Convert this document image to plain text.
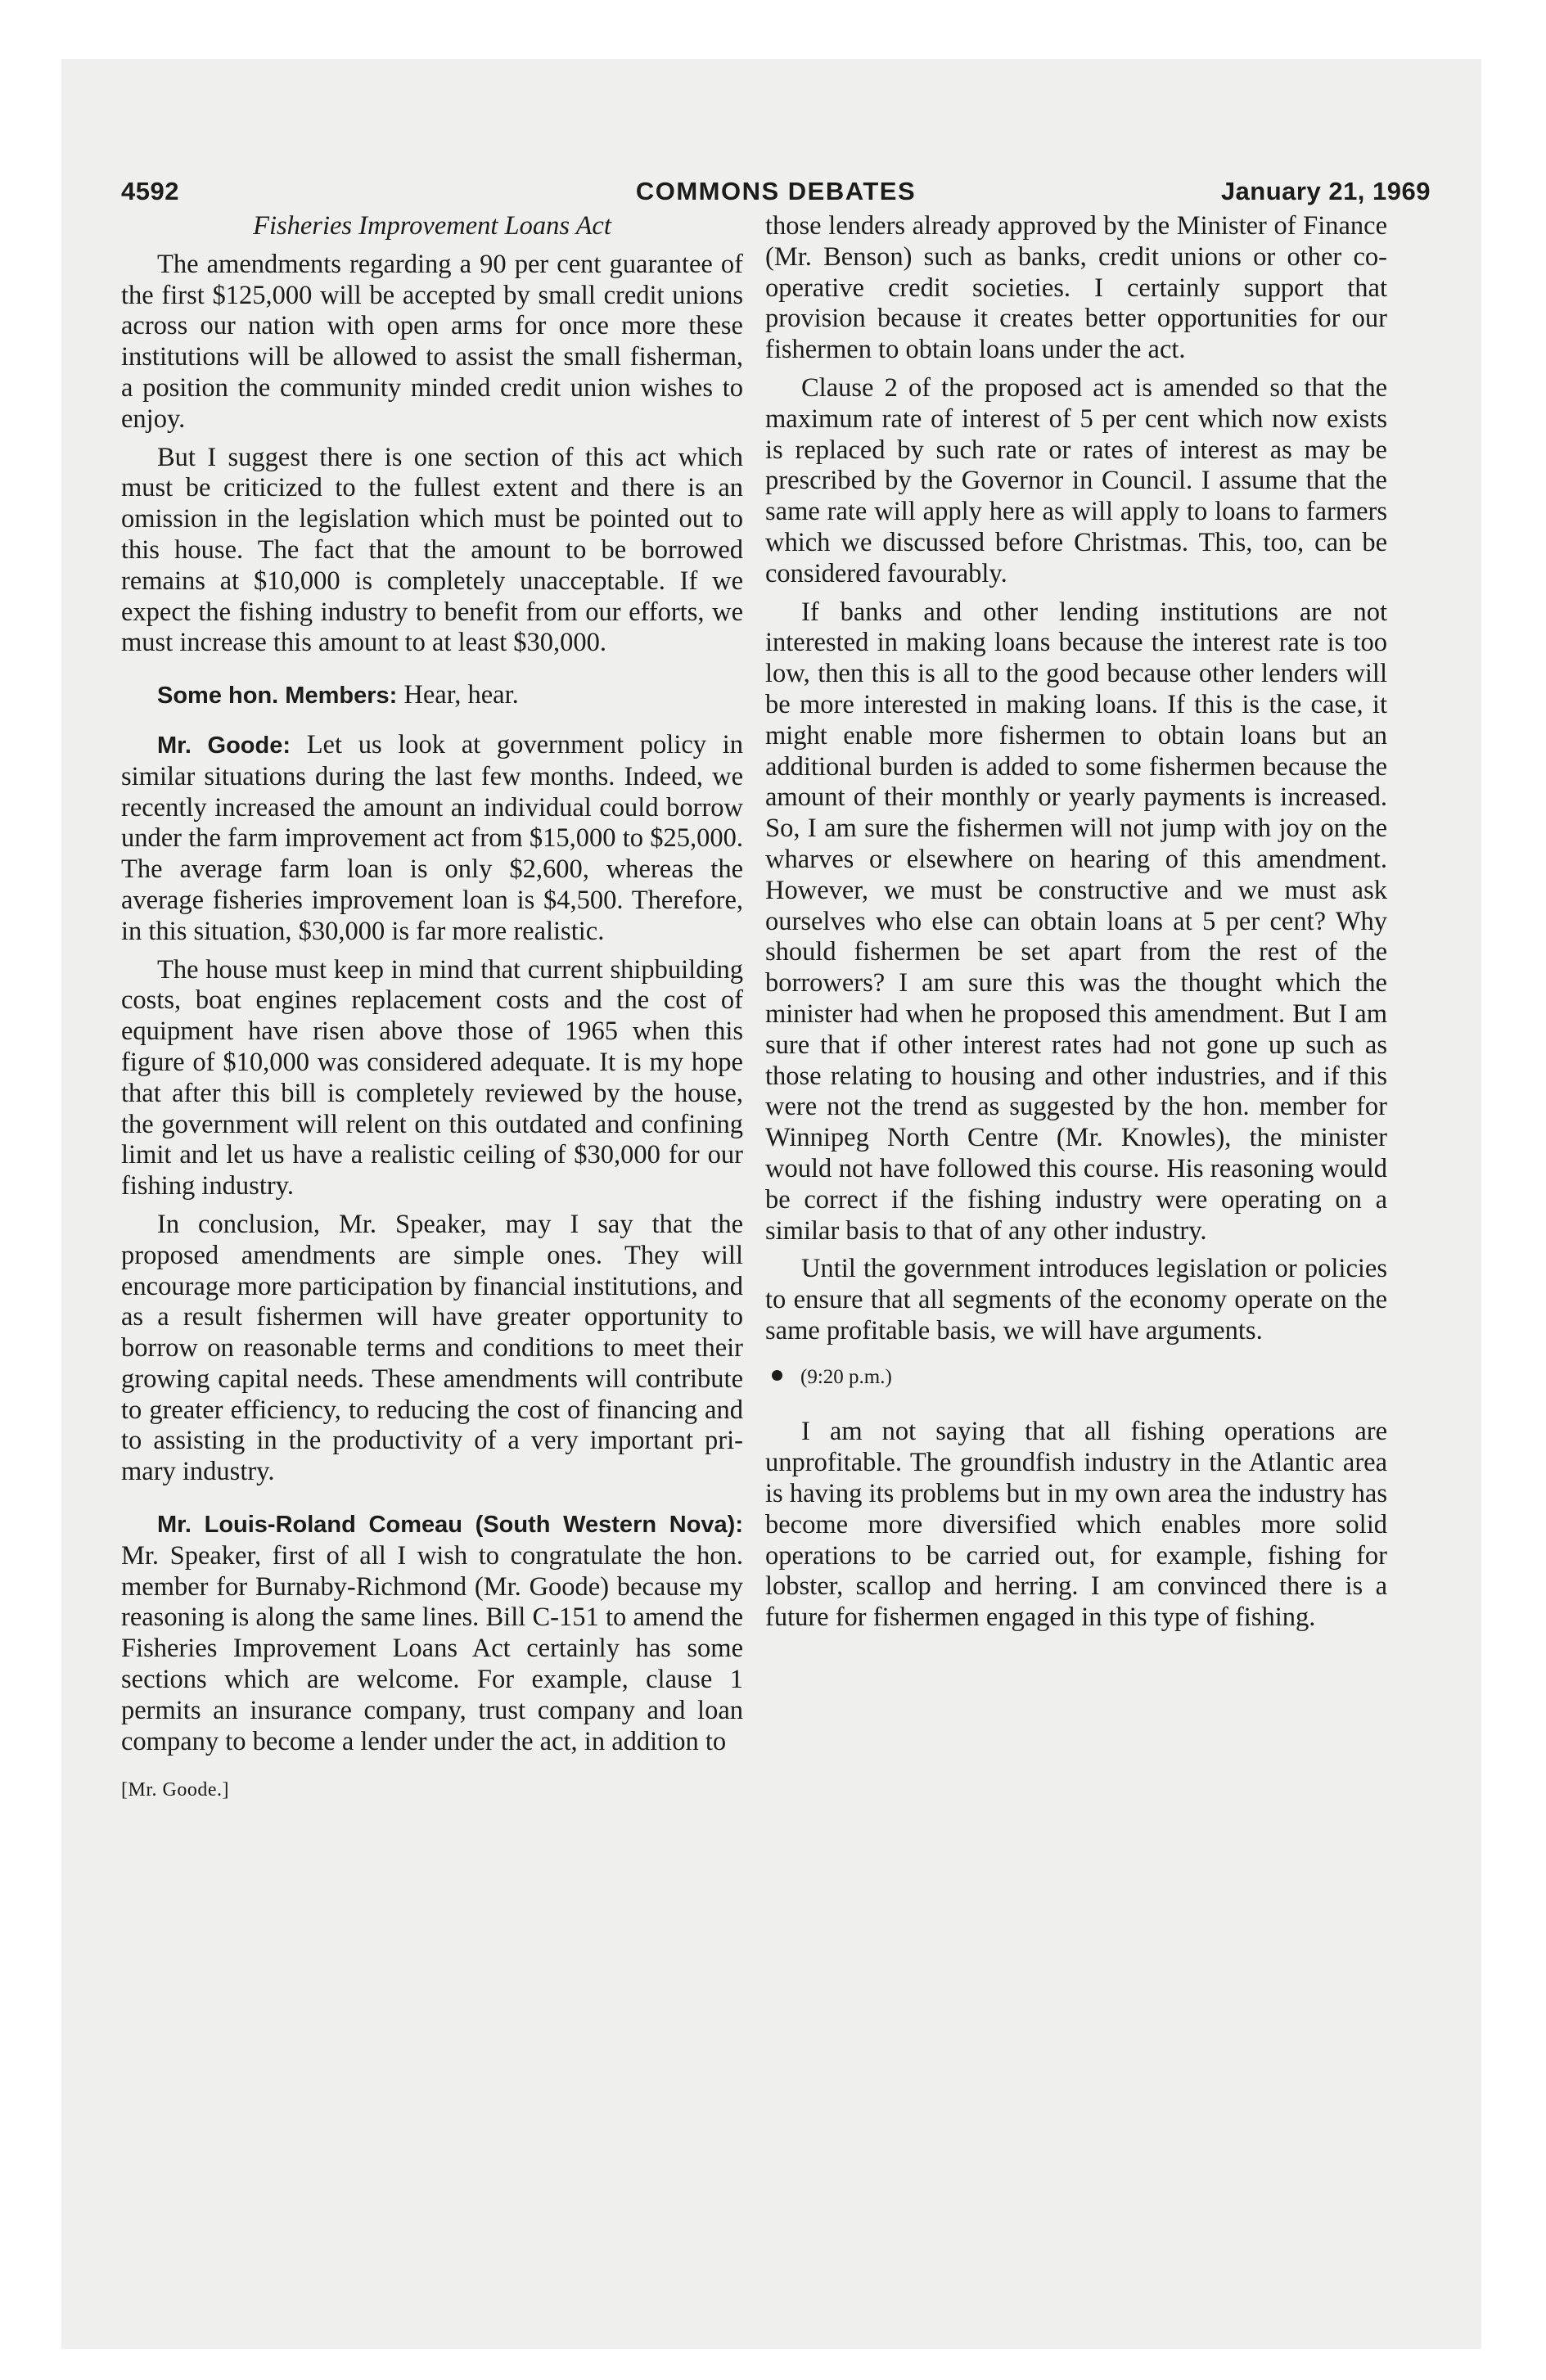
4592	COMMONS DEBATES	January 21, 1969

Fisheries Improvement Loans Act

The amendments regarding a 90 per cent guarantee of the first $125,000 will be accepted by small credit unions across our nation with open arms for once more these institutions will be allowed to assist the small fisherman, a position the community minded credit union wishes to enjoy.

But I suggest there is one section of this act which must be criticized to the fullest extent and there is an omission in the legislation which must be pointed out to this house. The fact that the amount to be borrowed remains at $10,000 is completely unacceptable. If we expect the fishing industry to benefit from our efforts, we must increase this amount to at least $30,000.

Some hon. Members: Hear, hear.

Mr. Goode: Let us look at government policy in similar situations during the last few months. Indeed, we recently increased the amount an individual could borrow under the farm improvement act from $15,000 to $25,000. The average farm loan is only $2,600, whereas the average fisheries improvement loan is $4,500. Therefore, in this situation, $30,000 is far more realistic.

The house must keep in mind that current shipbuilding costs, boat engines replacement costs and the cost of equipment have risen above those of 1965 when this figure of $10,000 was considered adequate. It is my hope that after this bill is completely reviewed by the house, the government will relent on this outdated and confining limit and let us have a realistic ceiling of $30,000 for our fishing industry.

In conclusion, Mr. Speaker, may I say that the proposed amendments are simple ones. They will encourage more participation by financial institutions, and as a result fishermen will have greater opportunity to borrow on reasonable terms and conditions to meet their growing capital needs. These amendments will contribute to greater efficiency, to reducing the cost of financing and to assisting in the productivity of a very important primary industry.

Mr. Louis-Roland Comeau (South Western Nova): Mr. Speaker, first of all I wish to congratulate the hon. member for Burnaby-Richmond (Mr. Goode) because my reasoning is along the same lines. Bill C-151 to amend the Fisheries Improvement Loans Act certainly has some sections which are welcome. For example, clause 1 permits an insurance company, trust company and loan company to become a lender under the act, in addition to

[Mr. Goode.]

those lenders already approved by the Minister of Finance (Mr. Benson) such as banks, credit unions or other co-operative credit societies. I certainly support that provision because it creates better opportunities for our fishermen to obtain loans under the act.

Clause 2 of the proposed act is amended so that the maximum rate of interest of 5 per cent which now exists is replaced by such rate or rates of interest as may be prescribed by the Governor in Council. I assume that the same rate will apply here as will apply to loans to farmers which we discussed before Christmas. This, too, can be considered favourably.

If banks and other lending institutions are not interested in making loans because the interest rate is too low, then this is all to the good because other lenders will be more interested in making loans. If this is the case, it might enable more fishermen to obtain loans but an additional burden is added to some fishermen because the amount of their monthly or yearly payments is increased. So, I am sure the fishermen will not jump with joy on the wharves or elsewhere on hearing of this amendment. However, we must be constructive and we must ask ourselves who else can obtain loans at 5 per cent? Why should fishermen be set apart from the rest of the borrowers? I am sure this was the thought which the minister had when he proposed this amendment. But I am sure that if other interest rates had not gone up such as those relating to housing and other industries, and if this were not the trend as suggested by the hon. member for Winnipeg North Centre (Mr. Knowles), the minister would not have followed this course. His reasoning would be correct if the fishing industry were operating on a similar basis to that of any other industry.

Until the government introduces legislation or policies to ensure that all segments of the economy operate on the same profitable basis, we will have arguments.

(9:20 p.m.)

I am not saying that all fishing operations are unprofitable. The groundfish industry in the Atlantic area is having its problems but in my own area the industry has become more diversified which enables more solid operations to be carried out, for example, fishing for lobster, scallop and herring. I am convinced there is a future for fishermen engaged in this type of fishing.
